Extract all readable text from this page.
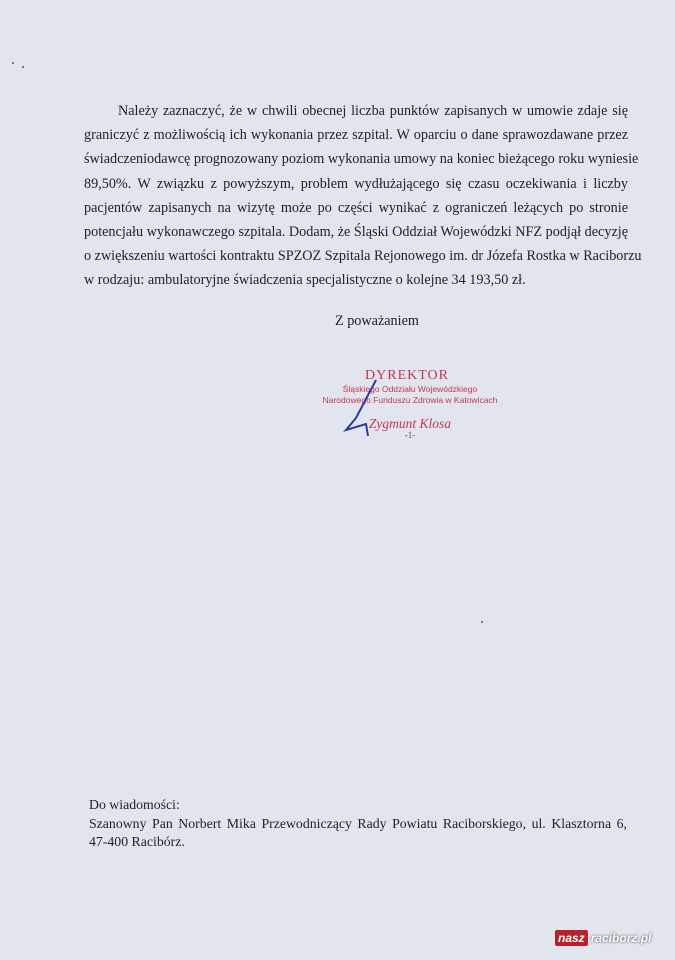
Należy zaznaczyć, że w chwili obecnej liczba punktów zapisanych w umowie zdaje się
graniczyć z możliwością ich wykonania przez szpital. W oparciu o dane sprawozdawane przez
świadczeniodawcę prognozowany poziom wykonania umowy na koniec bieżącego roku wyniesie
89,50%. W związku z powyższym, problem wydłużającego się czasu oczekiwania i liczby
pacjentów zapisanych na wizytę może po części wynikać z ograniczeń leżących po stronie
potencjału wykonawczego szpitala. Dodam, że Śląski Oddział Wojewódzki NFZ podjął decyzję
o zwiększeniu wartości kontraktu SPZOZ Szpitala Rejonowego im. dr Józefa Rostka w Raciborzu
w rodzaju: ambulatoryjne świadczenia specjalistyczne o kolejne 34 193,50 zł.
Z poważaniem
DYREKTOR
Śląskiego Oddziału Wojewódzkiego
Narodowego Funduszu Zdrowia w Katowicach
Zygmunt Klosa
-1-
Do wiadomości:
Szanowny Pan Norbert Mika Przewodniczący Rady Powiatu Raciborskiego, ul. Klasztorna 6,
47-400 Racibórz.
nasz raciborz.pl
